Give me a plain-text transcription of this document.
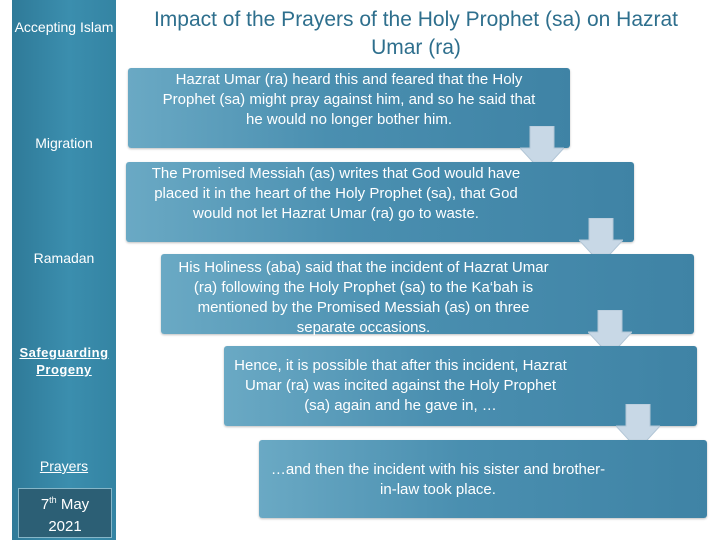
Accepting Islam
Migration
Ramadan
Safeguarding Progeny
Prayers
7th May
2021
Impact of the Prayers of the Holy Prophet (sa) on Hazrat Umar (ra)
Hazrat Umar (ra) heard this and feared that the Holy Prophet (sa) might pray against him, and so he said that he would no longer bother him.
The Promised Messiah (as) writes that God would have placed it in the heart of the Holy Prophet (sa), that God would not let Hazrat Umar (ra) go to waste.
His Holiness (aba) said that the incident of Hazrat Umar (ra) following the Holy Prophet (sa) to the Ka‘bah is mentioned by the Promised Messiah (as) on three separate occasions.
Hence, it is possible that after this incident, Hazrat Umar (ra) was incited against the Holy Prophet (sa) again and he gave in, …
…and then the incident with his sister and brother-in-law took place.
